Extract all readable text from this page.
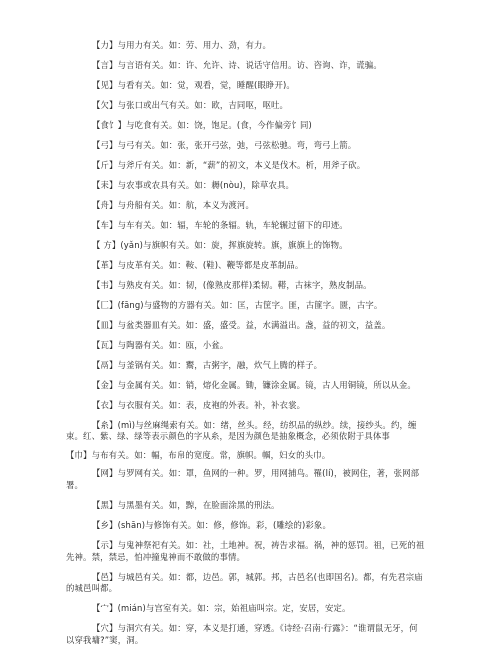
【力】与用力有关。如：劳、用力、劲，有力。

【言】与言语有关。如：许、允许、诗、说话守信用。访、咨询、诈，谎骗。

【见】与看有关。如：觉，观看，觉，睡醒(眼睁开)。

【欠】与张口或出气有关。如：欧，吉同呕，呕吐。

【食饣】与吃食有关。如：饶，饱足。(食，今作偏旁饣同)

【弓】与弓有关。如：张，张开弓弦，弛，弓弦松驰。弯，弯弓上箭。

【斤】与斧斤有关。如：新，“薪”的初文，本义是伐木。析，用斧子砍。

【耒】与农事或农具有关。如：耨(nòu)，除草农具。

【舟】与舟船有关。如：航，本义为渡河。

【车】与车有关。如：辐，车轮的条辐。轨，车轮辗过留下的印迹。

【 方】(yǎn)与旗帜有关。如：旋，挥旗旋转。旗，旗旗上的饰物。

【革】与皮革有关。如：鞍、(鞋)、鞭等都是皮革制品。

【韦】与熟皮有关。如：韧，(像熟皮那样)柔韧。鞯，古袜字，熟皮制品。

【匚】(fāng)与盛物的方器有关。如：匡，古筐字。匪，古篚字。匮，古字。

【皿】与盆类器皿有关。如：盛，盛受。益，水满溢出。盏，益的初文，益盖。

【瓦】与陶器有关。如：瓯，小盆。

【鬲】与釜锅有关。如：鬻，古粥字，融，炊气上腾的样子。

【金】与金属有关。如：销，熔化金属。锄，镰涂金属。镜，古人用铜镜，所以从金。

【衣】与衣服有关。如：表，皮袍的外表。补，补衣裳。

【糸】(mì)与丝麻绳索有关。如：绪，丝头。经，纺织品的纵纱。续，接纱头。约，缠束。红、紫、绿、绿等表示颜色的字从糸，是因为颜色是抽象概念，必须依附于具体事

【巾】与布有关。如：幅，布帛的宽度。常，旗帜。帼，妇女的头巾。

【网】与罗网有关。如：罩，鱼网的一种。罗，用网捕鸟。罹(lí)，被网住，著，张网部署。

【黑】与黑墨有关。如，黥，在脸面涂黑的刑法。

【乡】(shān)与修饰有关。如：修，修饰。彩，(雕绘的)彩象。

【示】与鬼神祭祀有关。如：社，土地神。祝，祷告求福。祸，神的惩罚。祖，已死的祖先神。禁，禁忌，怕冲撞鬼神而不敢做的事情。

【邑】与城邑有关。如：都，边邑。郭，城郭。邦，古邑名(也即国名)。都，有先君宗庙的城邑叫都。

【宀】(mián)与宫室有关。如：宗，始祖庙叫宗。定，安居，安定。

【穴】与洞穴有关。如：穿，本义是打通，穿透。《诗经·召南·行露》：“谁谓鼠无牙，何以穿我墉?”窦，洞。
